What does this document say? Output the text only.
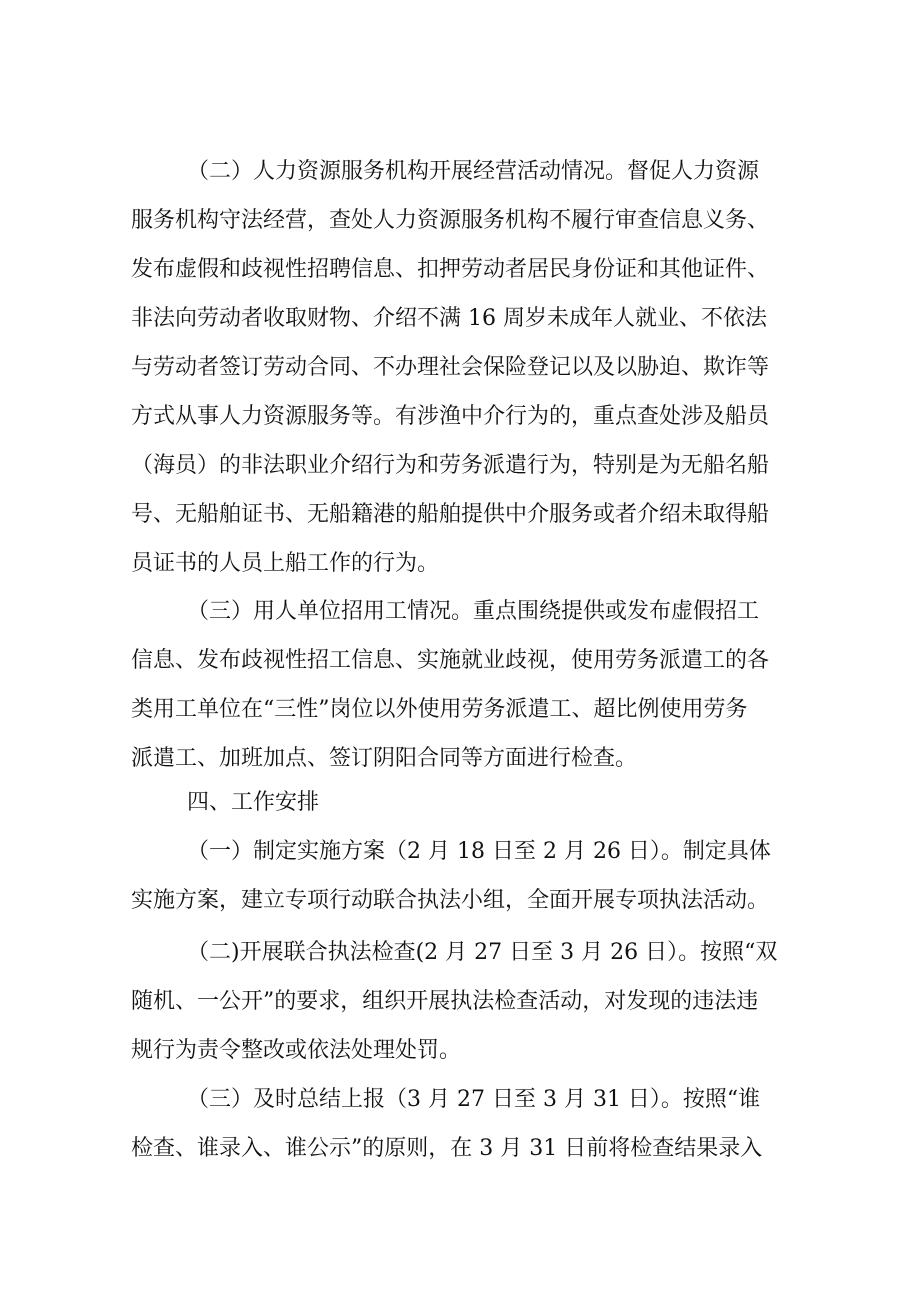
（二）人力资源服务机构开展经营活动情况。督促人力资源

服务机构守法经营，查处人力资源服务机构不履行审查信息义务、

发布虚假和歧视性招聘信息、扣押劳动者居民身份证和其他证件、

非法向劳动者收取财物、介绍不满 16 周岁未成年人就业、不依法

与劳动者签订劳动合同、不办理社会保险登记以及以胁迫、欺诈等

方式从事人力资源服务等。有涉渔中介行为的，重点查处涉及船员

（海员）的非法职业介绍行为和劳务派遣行为，特别是为无船名船

号、无船舶证书、无船籍港的船舶提供中介服务或者介绍未取得船

员证书的人员上船工作的行为。

（三）用人单位招用工情况。重点围绕提供或发布虚假招工

信息、发布歧视性招工信息、实施就业歧视，使用劳务派遣工的各

类用工单位在“三性”岗位以外使用劳务派遣工、超比例使用劳务

派遣工、加班加点、签订阴阳合同等方面进行检查。

四、工作安排

（一）制定实施方案（2 月 18 日至 2 月 26 日）。制定具体

实施方案，建立专项行动联合执法小组，全面开展专项执法活动。

（二)开展联合执法检查(2 月 27 日至 3 月 26 日）。按照“双

随机、一公开”的要求，组织开展执法检查活动，对发现的违法违

规行为责令整改或依法处理处罚。

（三）及时总结上报（3 月 27 日至 3 月 31 日）。按照“谁

检查、谁录入、谁公示”的原则，在 3 月 31 日前将检查结果录入
